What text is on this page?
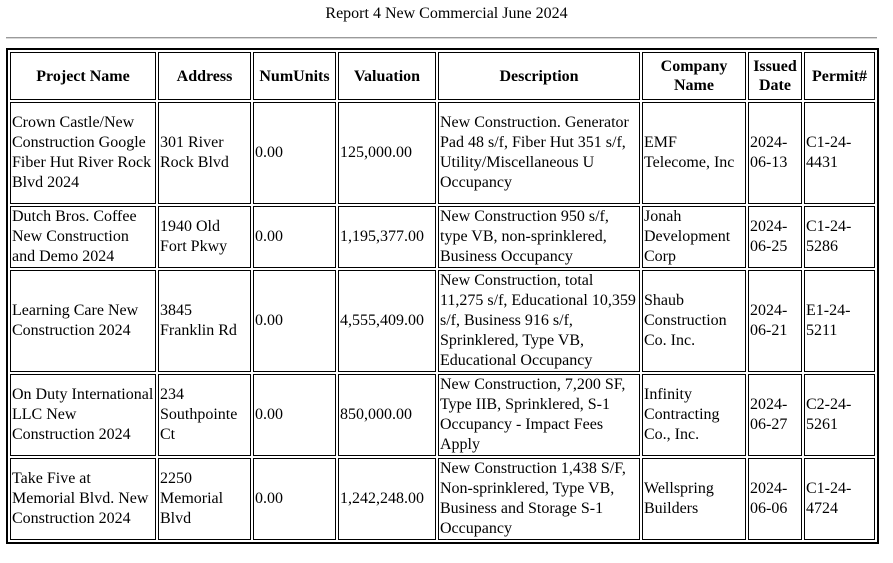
Report 4 New Commercial June 2024
Project Name	Address	NumUnits	Valuation	Description	Company Name	Issued Date	Permit#
Crown Castle/New Construction Google Fiber Hut River Rock Blvd 2024	301 River Rock Blvd	0.00	125,000.00	New Construction. Generator Pad 48 s/f, Fiber Hut 351 s/f, Utility/Miscellaneous U Occupancy	EMF Telecome, Inc	2024-06-13	C1-24-4431
Dutch Bros. Coffee New Construction and Demo 2024	1940 Old Fort Pkwy	0.00	1,195,377.00	New Construction 950 s/f, type VB, non-sprinklered, Business Occupancy	Jonah Development Corp	2024-06-25	C1-24-5286
Learning Care New Construction 2024	3845 Franklin Rd	0.00	4,555,409.00	New Construction, total 11,275 s/f, Educational 10,359 s/f, Business 916 s/f, Sprinklered, Type VB, Educational Occupancy	Shaub Construction Co. Inc.	2024-06-21	E1-24-5211
On Duty International LLC New Construction 2024	234 Southpointe Ct	0.00	850,000.00	New Construction, 7,200 SF, Type IIB, Sprinklered, S-1 Occupancy - Impact Fees Apply	Infinity Contracting Co., Inc.	2024-06-27	C2-24-5261
Take Five at Memorial Blvd. New Construction 2024	2250 Memorial Blvd	0.00	1,242,248.00	New Construction 1,438 S/F, Non-sprinklered, Type VB, Business and Storage S-1 Occupancy	Wellspring Builders	2024-06-06	C1-24-4724
